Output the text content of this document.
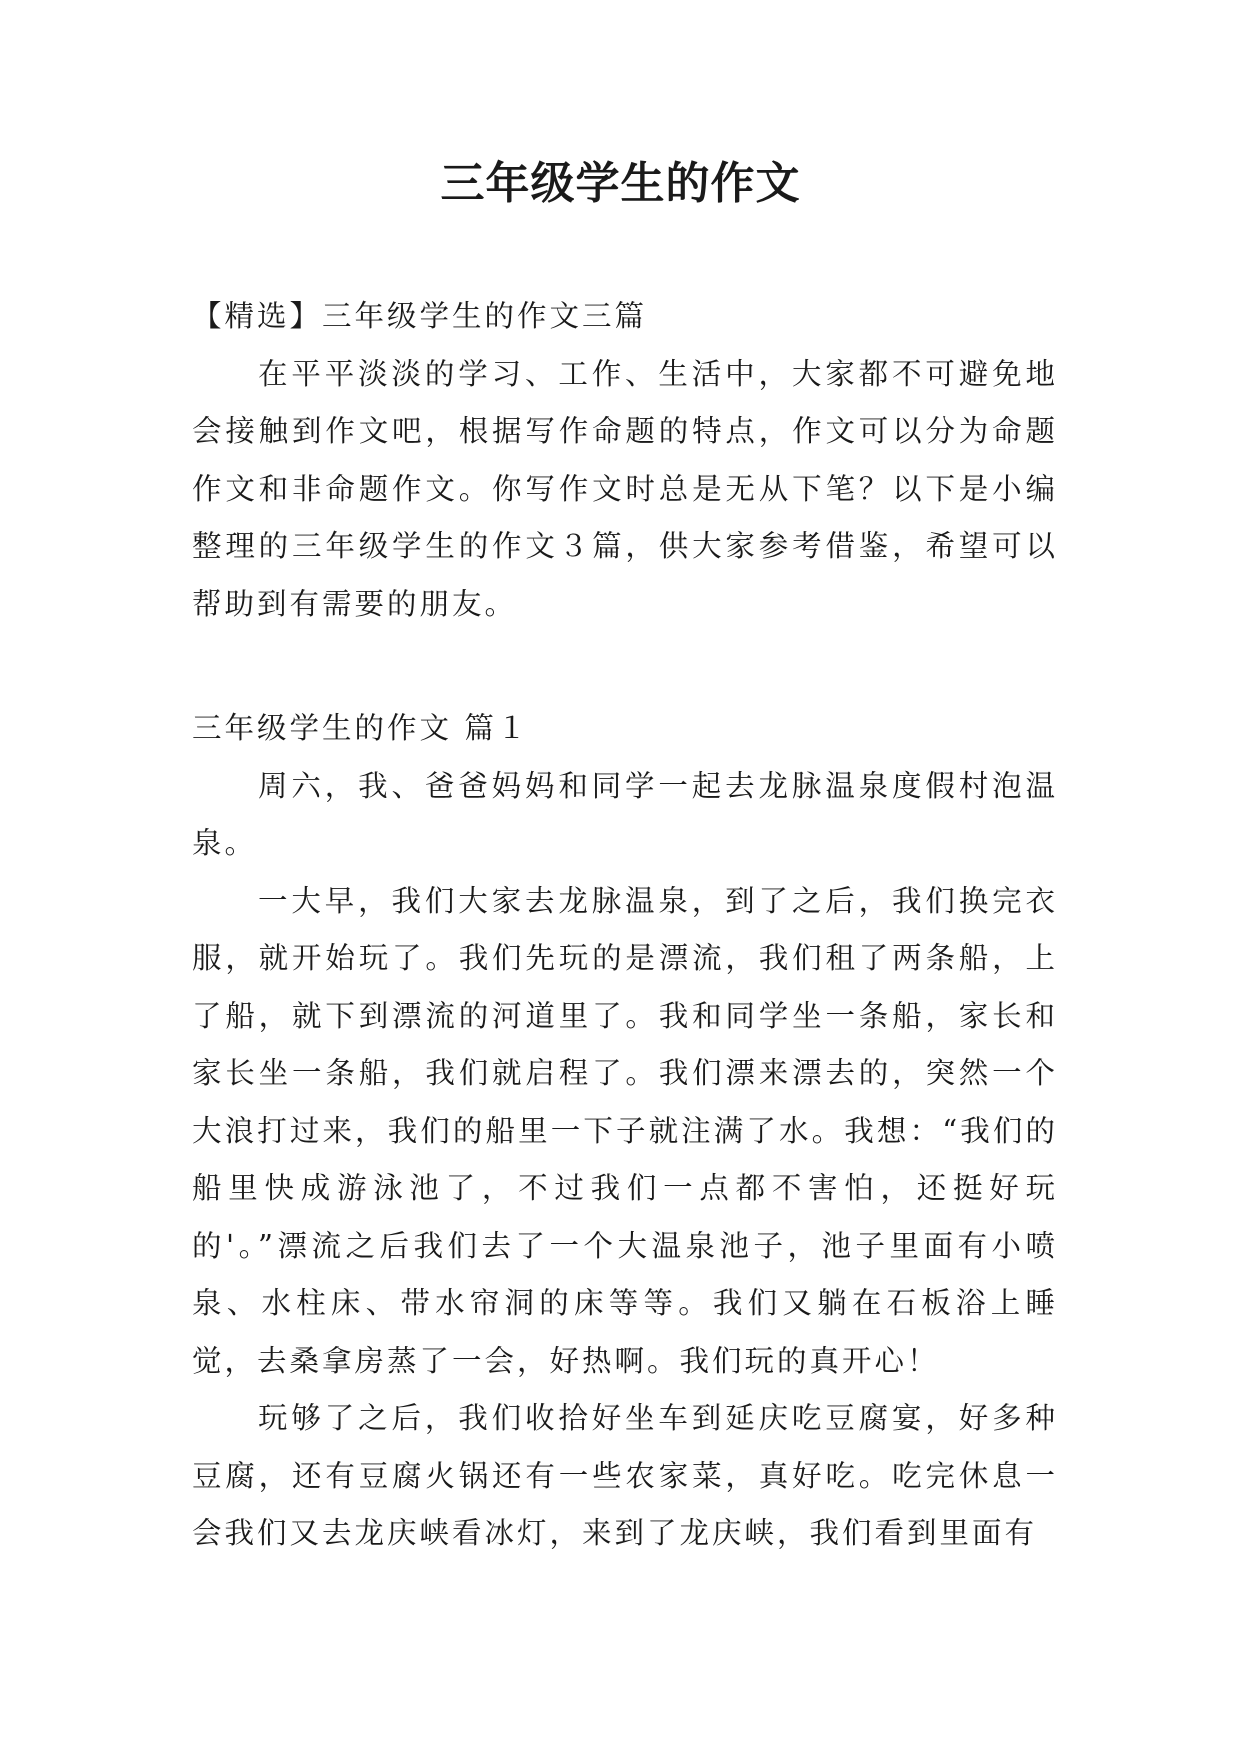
三年级学生的作文

【精选】三年级学生的作文三篇

在平平淡淡的学习、工作、生活中，大家都不可避免地会接触到作文吧，根据写作命题的特点，作文可以分为命题作文和非命题作文。你写作文时总是无从下笔？以下是小编整理的三年级学生的作文３篇，供大家参考借鉴，希望可以帮助到有需要的朋友。

三年级学生的作文 篇１

周六，我、爸爸妈妈和同学一起去龙脉温泉度假村泡温泉。

一大早，我们大家去龙脉温泉，到了之后，我们换完衣服，就开始玩了。我们先玩的是漂流，我们租了两条船，上了船，就下到漂流的河道里了。我和同学坐一条船，家长和家长坐一条船，我们就启程了。我们漂来漂去的，突然一个大浪打过来，我们的船里一下子就注满了水。我想：“我们的船里快成游泳池了，不过我们一点都不害怕，还挺好玩的'。”漂流之后我们去了一个大温泉池子，池子里面有小喷泉、水柱床、带水帘洞的床等等。我们又躺在石板浴上睡觉，去桑拿房蒸了一会，好热啊。我们玩的真开心！

玩够了之后，我们收拾好坐车到延庆吃豆腐宴，好多种豆腐，还有豆腐火锅还有一些农家菜，真好吃。吃完休息一会我们又去龙庆峡看冰灯，来到了龙庆峡，我们看到里面有
